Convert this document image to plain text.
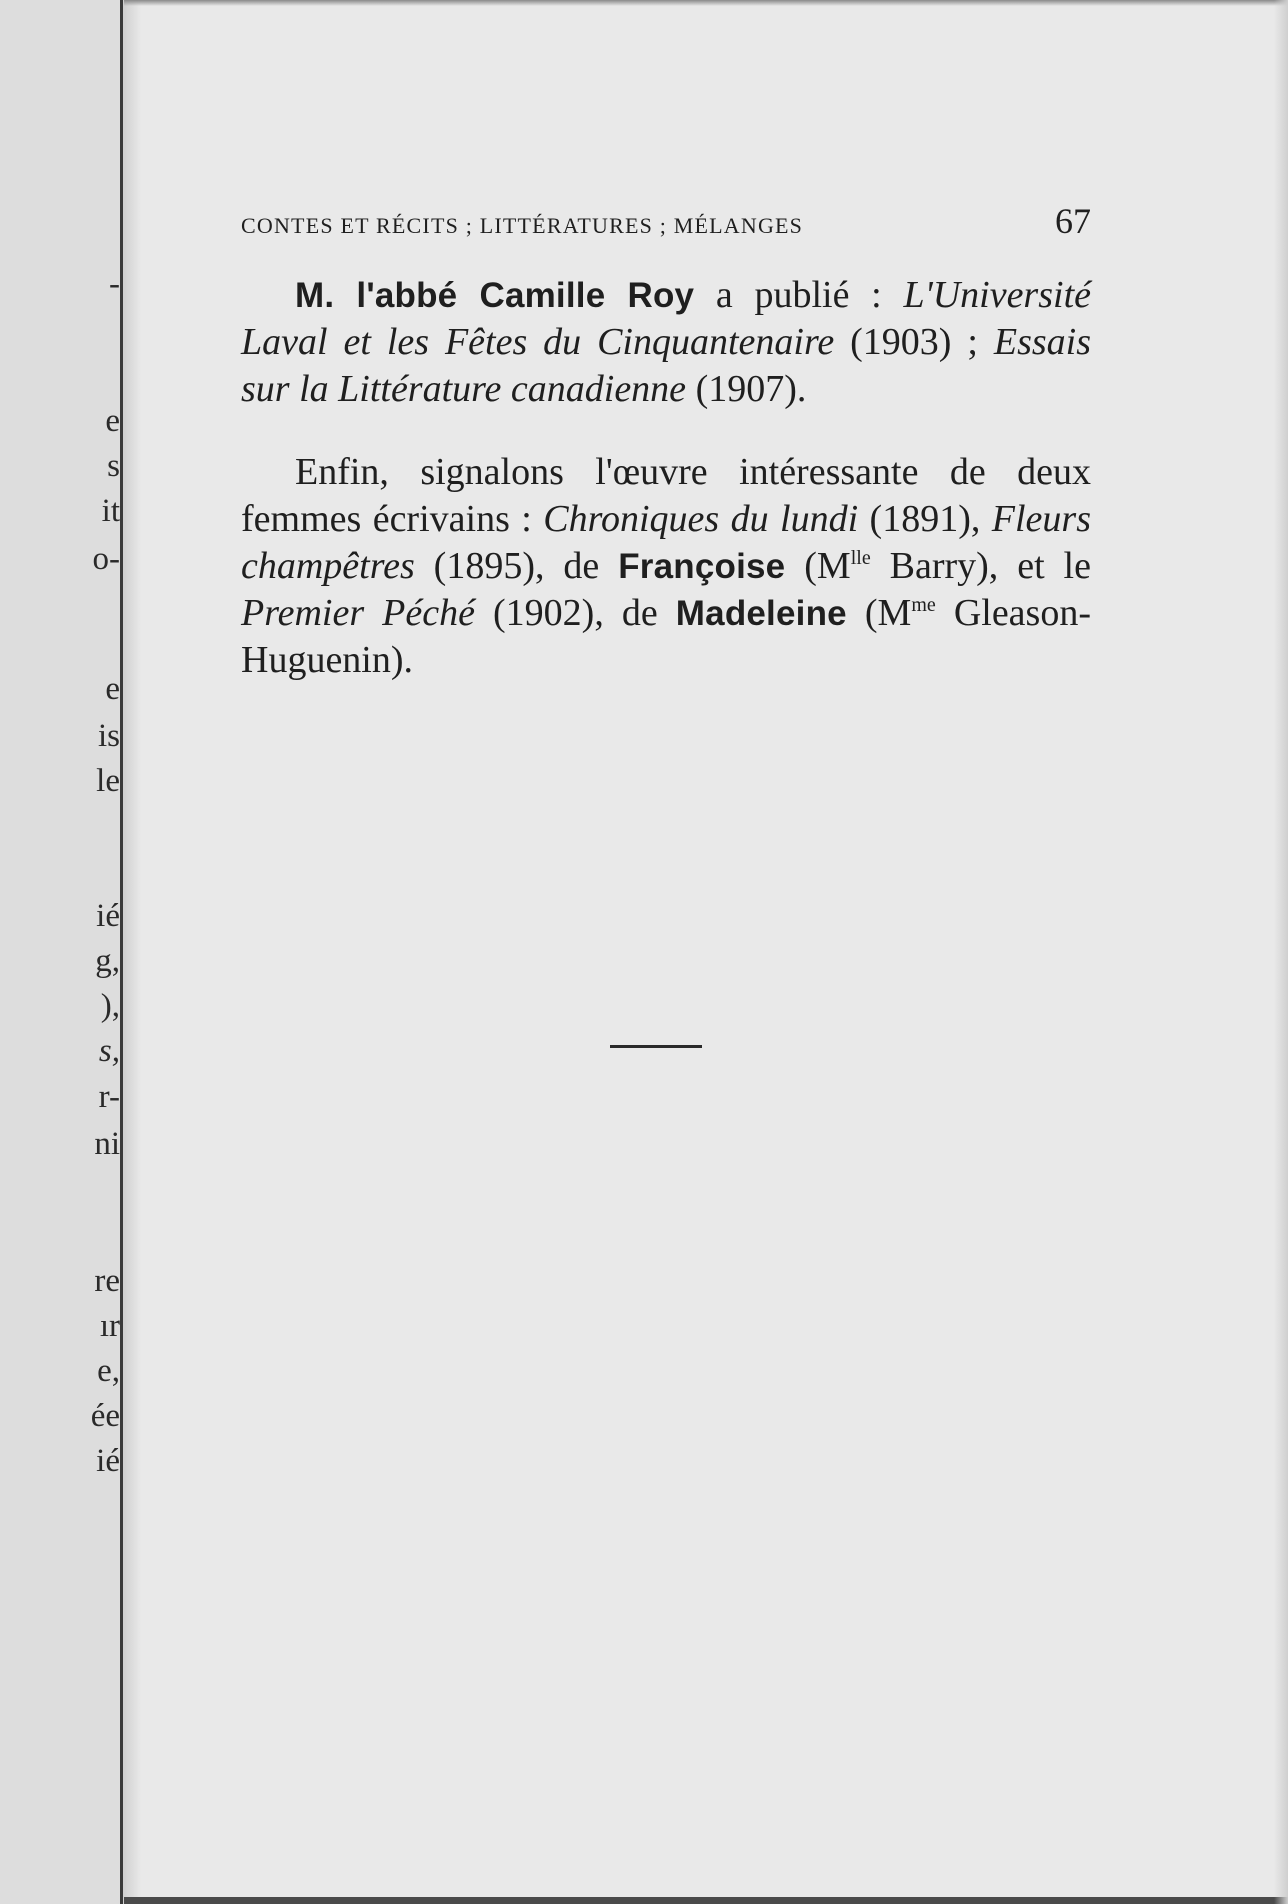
-
e
s
it
o-
e
is
le
ié
g,
),
s,
r-
ni
re
ır
e,
ée
ié
CONTES ET RÉCITS ; LITTÉRATURES ; MÉLANGES	67

M. l'abbé Camille Roy a publié : L'Université Laval et les Fêtes du Cinquantenaire (1903) ; Essais sur la Littérature canadienne (1907).

Enfin, signalons l'œuvre intéressante de deux femmes écrivains : Chroniques du lundi (1891), Fleurs champêtres (1895), de Françoise ($M^{lle}$ Barry), et le Premier Péché (1902), de Madeleine ($M^{me}$ Gleason-Huguenin).
